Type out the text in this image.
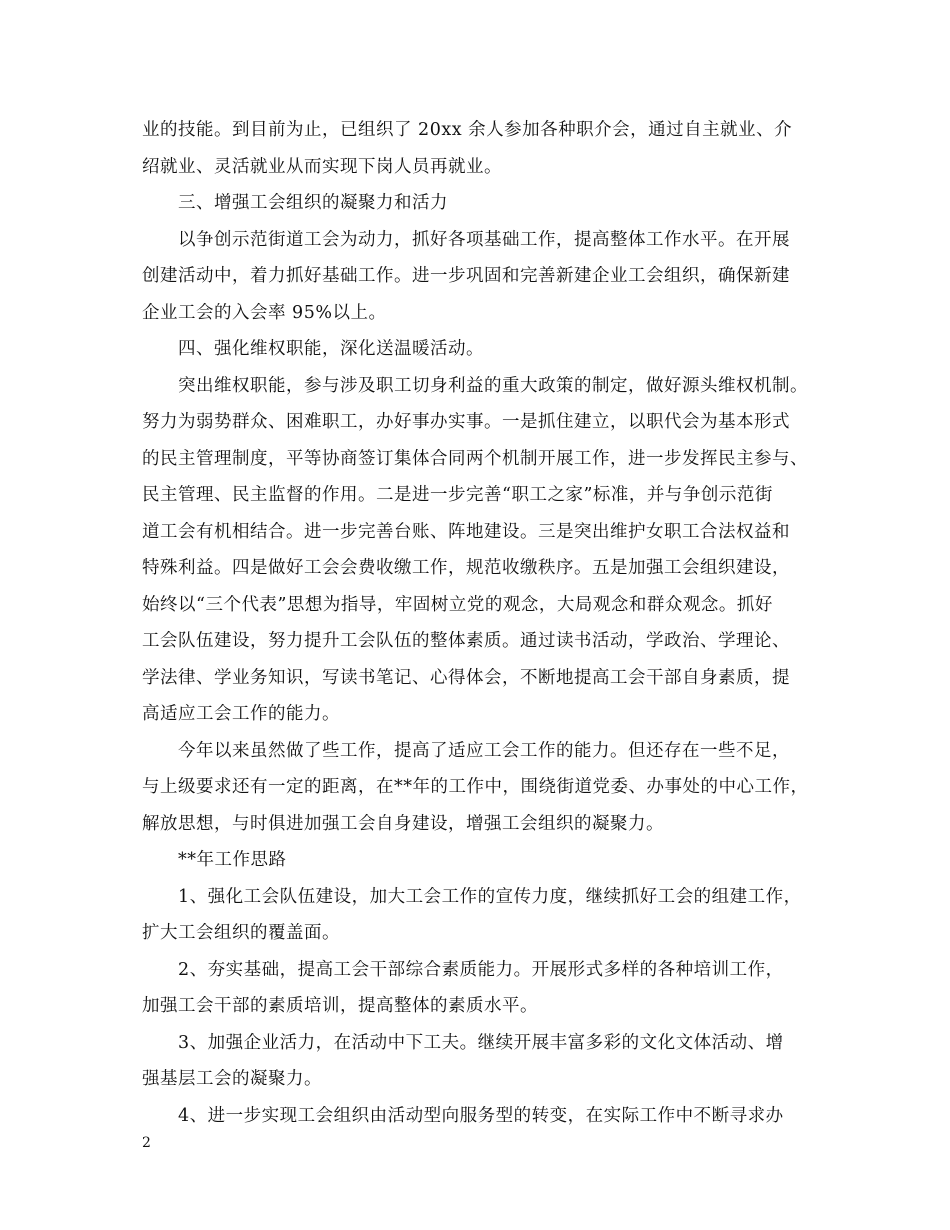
业的技能。到目前为止，已组织了 20xx 余人参加各种职介会，通过自主就业、介
绍就业、灵活就业从而实现下岗人员再就业。
三、增强工会组织的凝聚力和活力
以争创示范街道工会为动力，抓好各项基础工作，提高整体工作水平。在开展
创建活动中，着力抓好基础工作。进一步巩固和完善新建企业工会组织，确保新建
企业工会的入会率 95%以上。
四、强化维权职能，深化送温暖活动。
突出维权职能，参与涉及职工切身利益的重大政策的制定，做好源头维权机制。
努力为弱势群众、困难职工，办好事办实事。一是抓住建立，以职代会为基本形式
的民主管理制度，平等协商签订集体合同两个机制开展工作，进一步发挥民主参与、
民主管理、民主监督的作用。二是进一步完善“职工之家”标准，并与争创示范街
道工会有机相结合。进一步完善台账、阵地建设。三是突出维护女职工合法权益和
特殊利益。四是做好工会会费收缴工作，规范收缴秩序。五是加强工会组织建设，
始终以“三个代表”思想为指导，牢固树立党的观念，大局观念和群众观念。抓好
工会队伍建设，努力提升工会队伍的整体素质。通过读书活动，学政治、学理论、
学法律、学业务知识，写读书笔记、心得体会，不断地提高工会干部自身素质，提
高适应工会工作的能力。
今年以来虽然做了些工作，提高了适应工会工作的能力。但还存在一些不足，
与上级要求还有一定的距离，在**年的工作中，围绕街道党委、办事处的中心工作，
解放思想，与时俱进加强工会自身建设，增强工会组织的凝聚力。
**年工作思路
1、强化工会队伍建设，加大工会工作的宣传力度，继续抓好工会的组建工作，
扩大工会组织的覆盖面。
2、夯实基础，提高工会干部综合素质能力。开展形式多样的各种培训工作，
加强工会干部的素质培训，提高整体的素质水平。
3、加强企业活力，在活动中下工夫。继续开展丰富多彩的文化文体活动、增
强基层工会的凝聚力。
4、进一步实现工会组织由活动型向服务型的转变，在实际工作中不断寻求办
2
